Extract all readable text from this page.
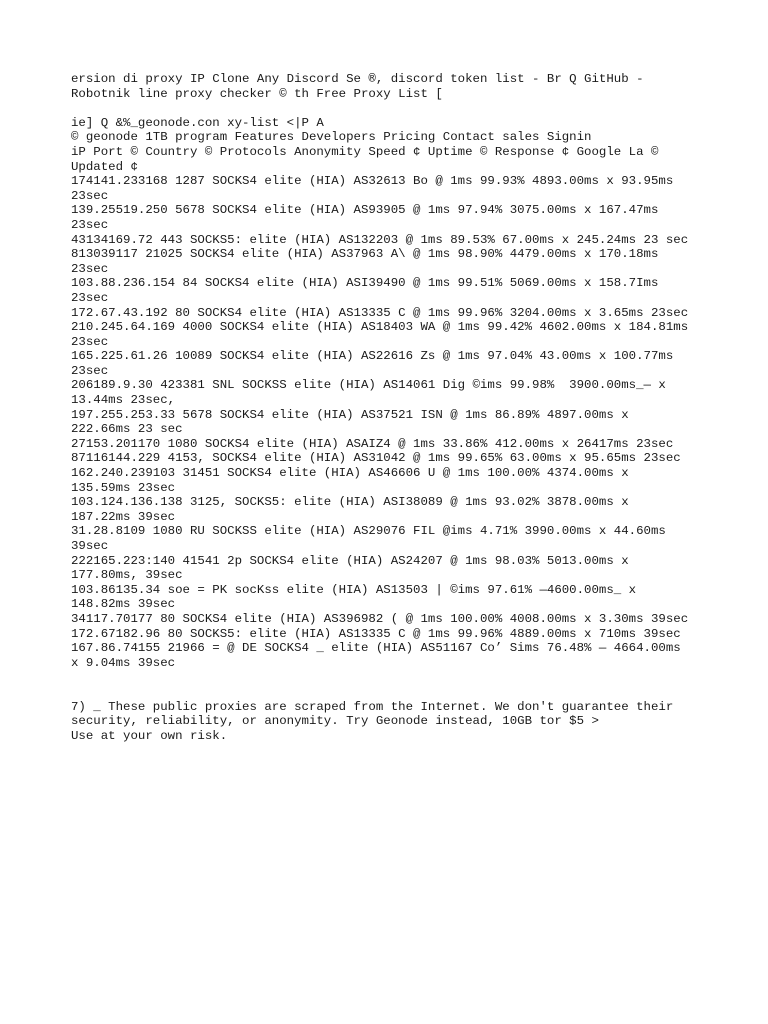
ersion di proxy IP Clone Any Discord Se ®, discord token list - Br Q GitHub -
Robotnik line proxy checker © th Free Proxy List [
ie] Q &%_geonode.con xy-list <|P A
© geonode 1TB program Features Developers Pricing Contact sales Signin
iP Port © Country © Protocols Anonymity Speed ¢ Uptime © Response ¢ Google La ©
Updated ¢
174141.233168 1287 SOCKS4 elite (HIA) AS32613 Bo @ 1ms 99.93% 4893.00ms x 93.95ms
23sec
139.25519.250 5678 SOCKS4 elite (HIA) AS93905 @ 1ms 97.94% 3075.00ms x 167.47ms
23sec
43134169.72 443 SOCKS5: elite (HIA) AS132203 @ 1ms 89.53% 67.00ms x 245.24ms 23 sec
813039117 21025 SOCKS4 elite (HIA) AS37963 A\ @ 1ms 98.90% 4479.00ms x 170.18ms
23sec
103.88.236.154 84 SOCKS4 elite (HIA) ASI39490 @ 1ms 99.51% 5069.00ms x 158.7Ims
23sec
172.67.43.192 80 SOCKS4 elite (HIA) AS13335 C @ 1ms 99.96% 3204.00ms x 3.65ms 23sec
210.245.64.169 4000 SOCKS4 elite (HIA) AS18403 WA @ 1ms 99.42% 4602.00ms x 184.81ms
23sec
165.225.61.26 10089 SOCKS4 elite (HIA) AS22616 Zs @ 1ms 97.04% 43.00ms x 100.77ms
23sec
206189.9.30 423381 SNL SOCKSS elite (HIA) AS14061 Dig ©ims 99.98%  3900.00ms_— x
13.44ms 23sec,
197.255.253.33 5678 SOCKS4 elite (HIA) AS37521 ISN @ 1ms 86.89% 4897.00ms x
222.66ms 23 sec
27153.201170 1080 SOCKS4 elite (HIA) ASAIZ4 @ 1ms 33.86% 412.00ms x 26417ms 23sec
87116144.229 4153, SOCKS4 elite (HIA) AS31042 @ 1ms 99.65% 63.00ms x 95.65ms 23sec
162.240.239103 31451 SOCKS4 elite (HIA) AS46606 U @ 1ms 100.00% 4374.00ms x
135.59ms 23sec
103.124.136.138 3125, SOCKS5: elite (HIA) ASI38089 @ 1ms 93.02% 3878.00ms x
187.22ms 39sec
31.28.8109 1080 RU SOCKSS elite (HIA) AS29076 FIL @ims 4.71% 3990.00ms x 44.60ms
39sec
222165.223:140 41541 2p SOCKS4 elite (HIA) AS24207 @ 1ms 98.03% 5013.00ms x
177.80ms, 39sec
103.86135.34 soe = PK socKss elite (HIA) AS13503 | ©ims 97.61% —4600.00ms_ x
148.82ms 39sec
34117.70177 80 SOCKS4 elite (HIA) AS396982 ( @ 1ms 100.00% 4008.00ms x 3.30ms 39sec
172.67182.96 80 SOCKS5: elite (HIA) AS13335 C @ 1ms 99.96% 4889.00ms x 710ms 39sec
167.86.74155 21966 = @ DE SOCKS4 _ elite (HIA) AS51167 Co’ Sims 76.48% — 4664.00ms
x 9.04ms 39sec
7) _ These public proxies are scraped from the Internet. We don't guarantee their
security, reliability, or anonymity. Try Geonode instead, 10GB tor $5 >
Use at your own risk.
